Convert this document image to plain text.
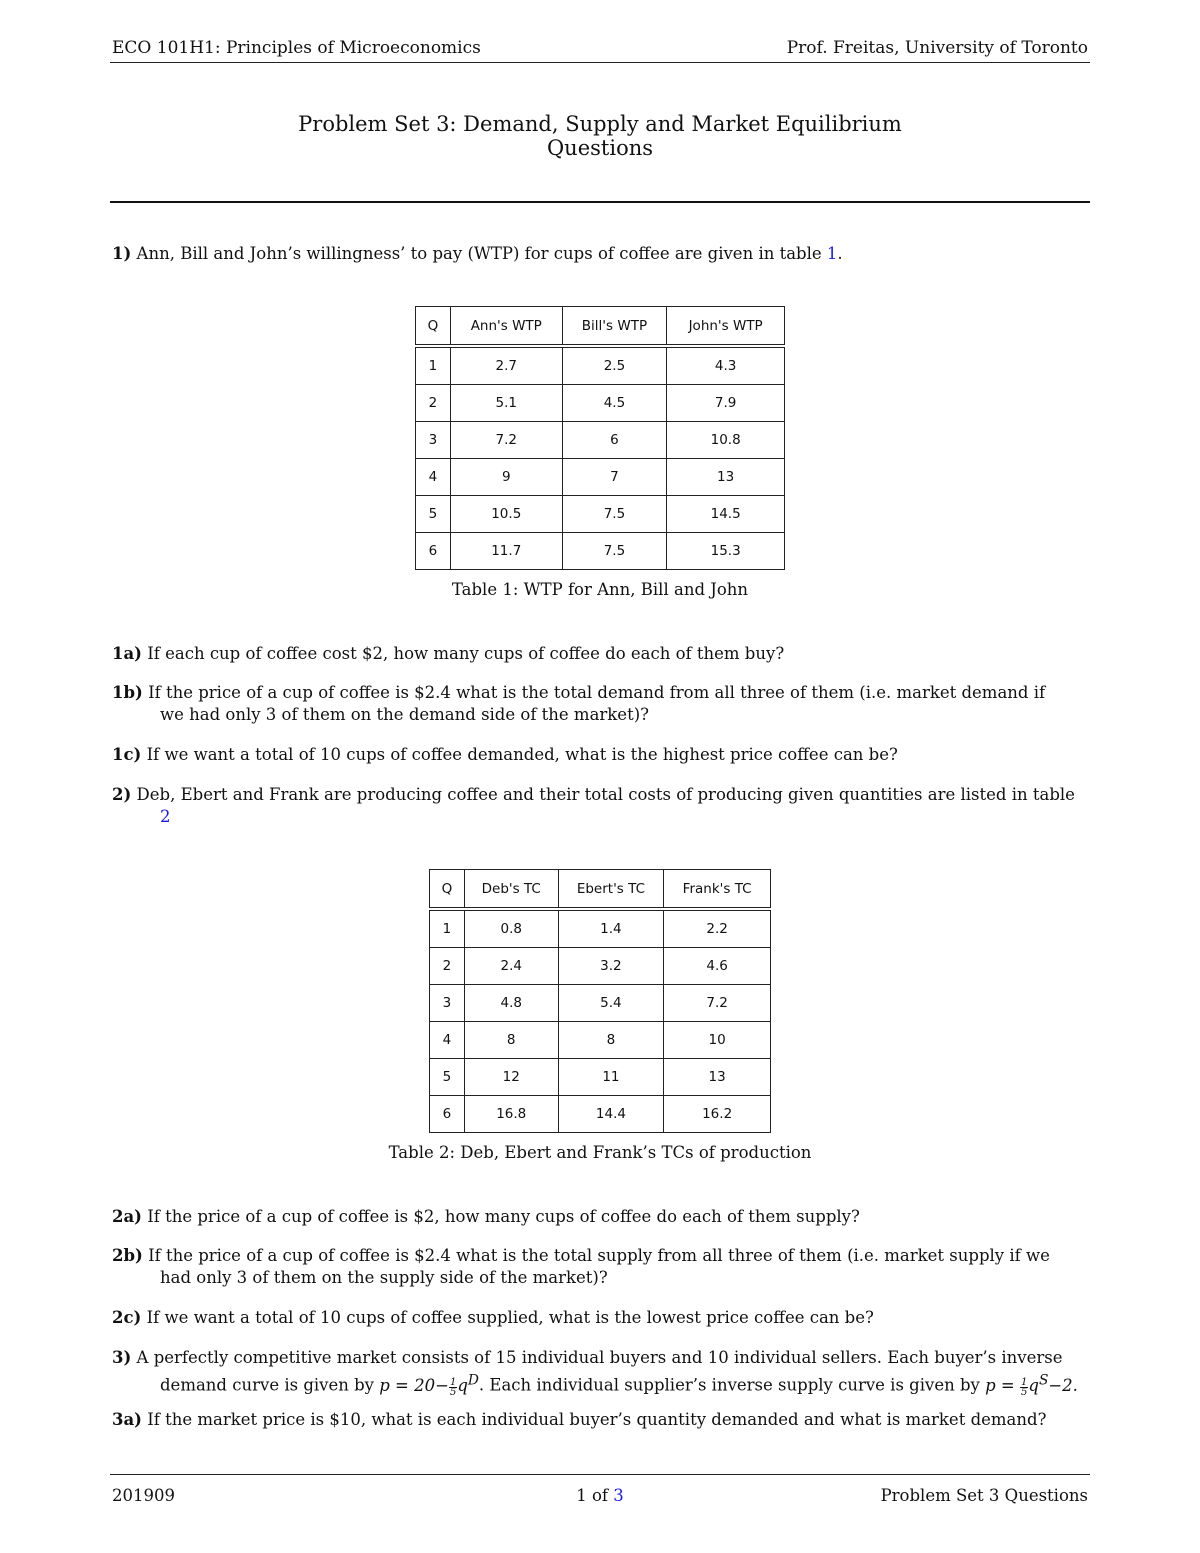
ECO 101H1: Principles of Microeconomics	Prof. Freitas, University of Toronto
Problem Set 3: Demand, Supply and Market Equilibrium
Questions
1) Ann, Bill and John’s willingness’ to pay (WTP) for cups of coffee are given in table 1.
Q	Ann's WTP	Bill's WTP	John's WTP
1	2.7	2.5	4.3
2	5.1	4.5	7.9
3	7.2	6	10.8
4	9	7	13
5	10.5	7.5	14.5
6	11.7	7.5	15.3
Table 1: WTP for Ann, Bill and John
1a) If each cup of coffee cost $2, how many cups of coffee do each of them buy?
1b) If the price of a cup of coffee is $2.4 what is the total demand from all three of them (i.e. market demand if
we had only 3 of them on the demand side of the market)?
1c) If we want a total of 10 cups of coffee demanded, what is the highest price coffee can be?
2) Deb, Ebert and Frank are producing coffee and their total costs of producing given quantities are listed in table
2
Q	Deb's TC	Ebert's TC	Frank's TC
1	0.8	1.4	2.2
2	2.4	3.2	4.6
3	4.8	5.4	7.2
4	8	8	10
5	12	11	13
6	16.8	14.4	16.2
Table 2: Deb, Ebert and Frank’s TCs of production
2a) If the price of a cup of coffee is $2, how many cups of coffee do each of them supply?
2b) If the price of a cup of coffee is $2.4 what is the total supply from all three of them (i.e. market supply if we
had only 3 of them on the supply side of the market)?
2c) If we want a total of 10 cups of coffee supplied, what is the lowest price coffee can be?
3) A perfectly competitive market consists of 15 individual buyers and 10 individual sellers. Each buyer’s inverse
demand curve is given by $p = 20- \frac{1}{5} q^D$. Each individual supplier’s inverse supply curve is given by $p = \frac{1}{5} q^S-2$.
3a) If the market price is $10, what is each individual buyer’s quantity demanded and what is market demand?
201909	1 of 3	Problem Set 3 Questions
